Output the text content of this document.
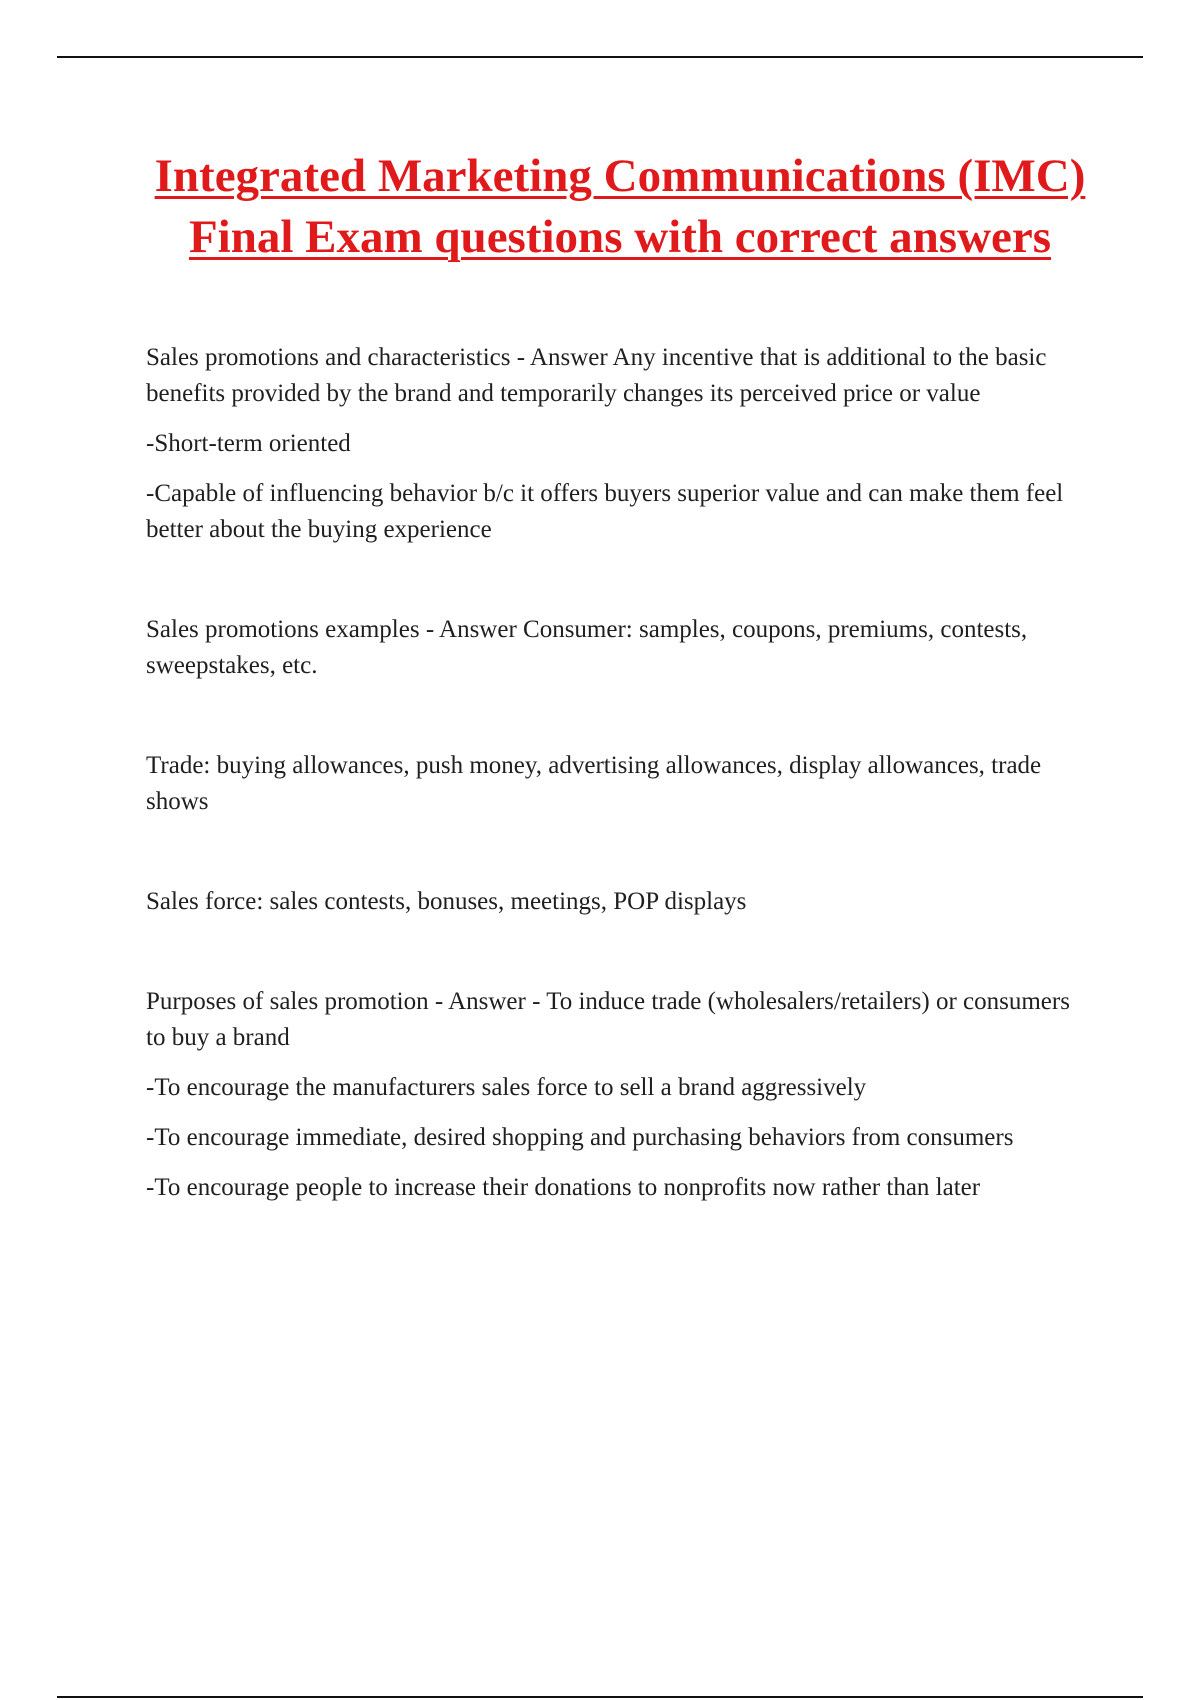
Integrated Marketing Communications (IMC) Final Exam questions with correct answers

Sales promotions and characteristics - Answer Any incentive that is additional to the basic benefits provided by the brand and temporarily changes its perceived price or value

-Short-term oriented

-Capable of influencing behavior b/c it offers buyers superior value and can make them feel better about the buying experience

Sales promotions examples - Answer Consumer: samples, coupons, premiums, contests, sweepstakes, etc.

Trade: buying allowances, push money, advertising allowances, display allowances, trade shows

Sales force: sales contests, bonuses, meetings, POP displays

Purposes of sales promotion - Answer - To induce trade (wholesalers/retailers) or consumers to buy a brand

-To encourage the manufacturers sales force to sell a brand aggressively

-To encourage immediate, desired shopping and purchasing behaviors from consumers

-To encourage people to increase their donations to nonprofits now rather than later
